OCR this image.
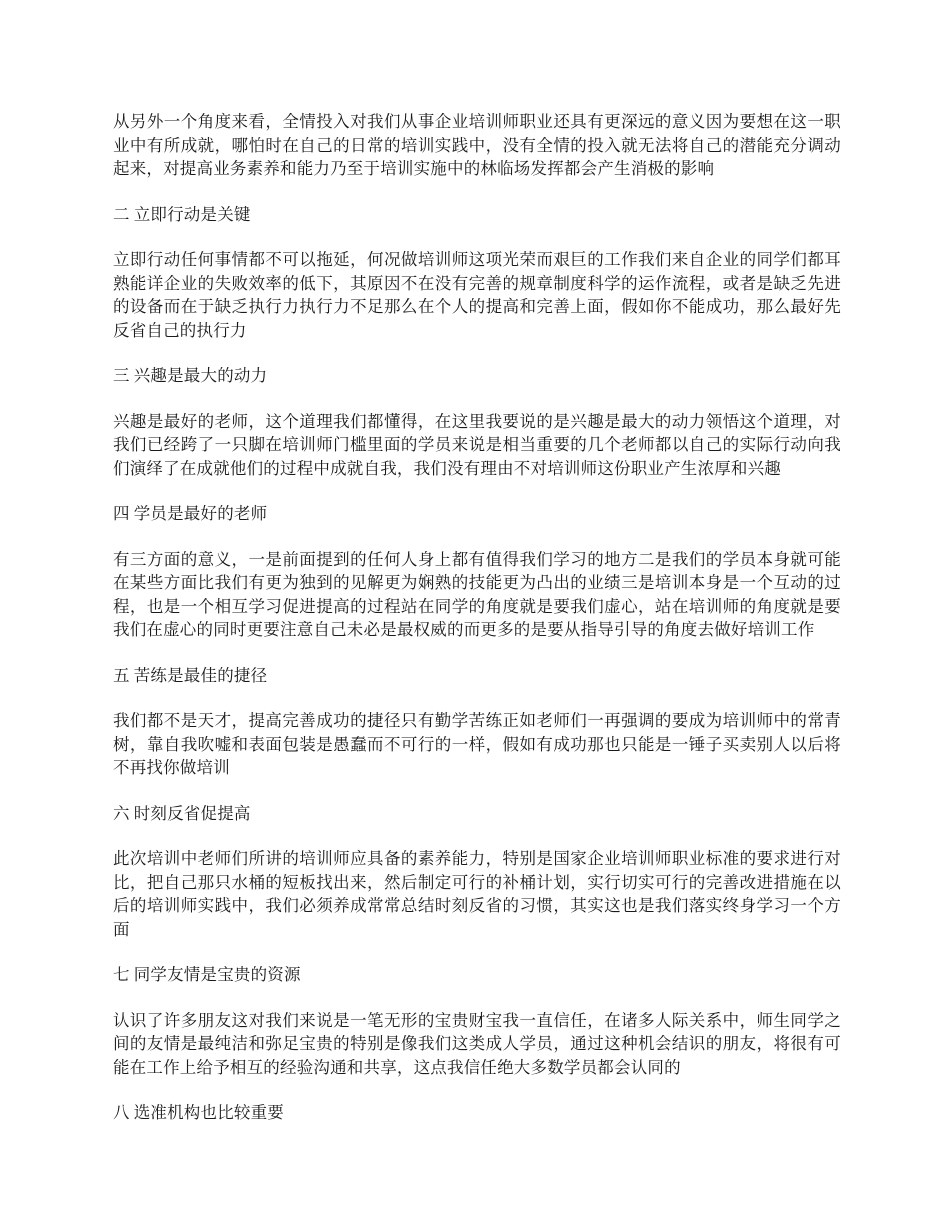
从另外一个角度来看，全情投入对我们从事企业培训师职业还具有更深远的意义因为要想在这一职业中有所成就，哪怕时在自己的日常的培训实践中，没有全情的投入就无法将自己的潜能充分调动起来，对提高业务素养和能力乃至于培训实施中的林临场发挥都会产生消极的影响

二 立即行动是关键

立即行动任何事情都不可以拖延，何况做培训师这项光荣而艰巨的工作我们来自企业的同学们都耳熟能详企业的失败效率的低下，其原因不在没有完善的规章制度科学的运作流程，或者是缺乏先进的设备而在于缺乏执行力执行力不足那么在个人的提高和完善上面，假如你不能成功，那么最好先反省自己的执行力

三 兴趣是最大的动力

兴趣是最好的老师，这个道理我们都懂得，在这里我要说的是兴趣是最大的动力领悟这个道理，对我们已经跨了一只脚在培训师门槛里面的学员来说是相当重要的几个老师都以自己的实际行动向我们演绎了在成就他们的过程中成就自我，我们没有理由不对培训师这份职业产生浓厚和兴趣

四 学员是最好的老师

有三方面的意义，一是前面提到的任何人身上都有值得我们学习的地方二是我们的学员本身就可能在某些方面比我们有更为独到的见解更为娴熟的技能更为凸出的业绩三是培训本身是一个互动的过程，也是一个相互学习促进提高的过程站在同学的角度就是要我们虚心，站在培训师的角度就是要我们在虚心的同时更要注意自己未必是最权威的而更多的是要从指导引导的角度去做好培训工作

五 苦练是最佳的捷径

我们都不是天才，提高完善成功的捷径只有勤学苦练正如老师们一再强调的要成为培训师中的常青树，靠自我吹嘘和表面包装是愚蠢而不可行的一样，假如有成功那也只能是一锤子买卖别人以后将不再找你做培训

六 时刻反省促提高

此次培训中老师们所讲的培训师应具备的素养能力，特别是国家企业培训师职业标准的要求进行对比，把自己那只水桶的短板找出来，然后制定可行的补桶计划，实行切实可行的完善改进措施在以后的培训师实践中，我们必须养成常常总结时刻反省的习惯，其实这也是我们落实终身学习一个方面

七 同学友情是宝贵的资源

认识了许多朋友这对我们来说是一笔无形的宝贵财宝我一直信任，在诸多人际关系中，师生同学之间的友情是最纯洁和弥足宝贵的特别是像我们这类成人学员，通过这种机会结识的朋友，将很有可能在工作上给予相互的经验沟通和共享，这点我信任绝大多数学员都会认同的

八 选准机构也比较重要
